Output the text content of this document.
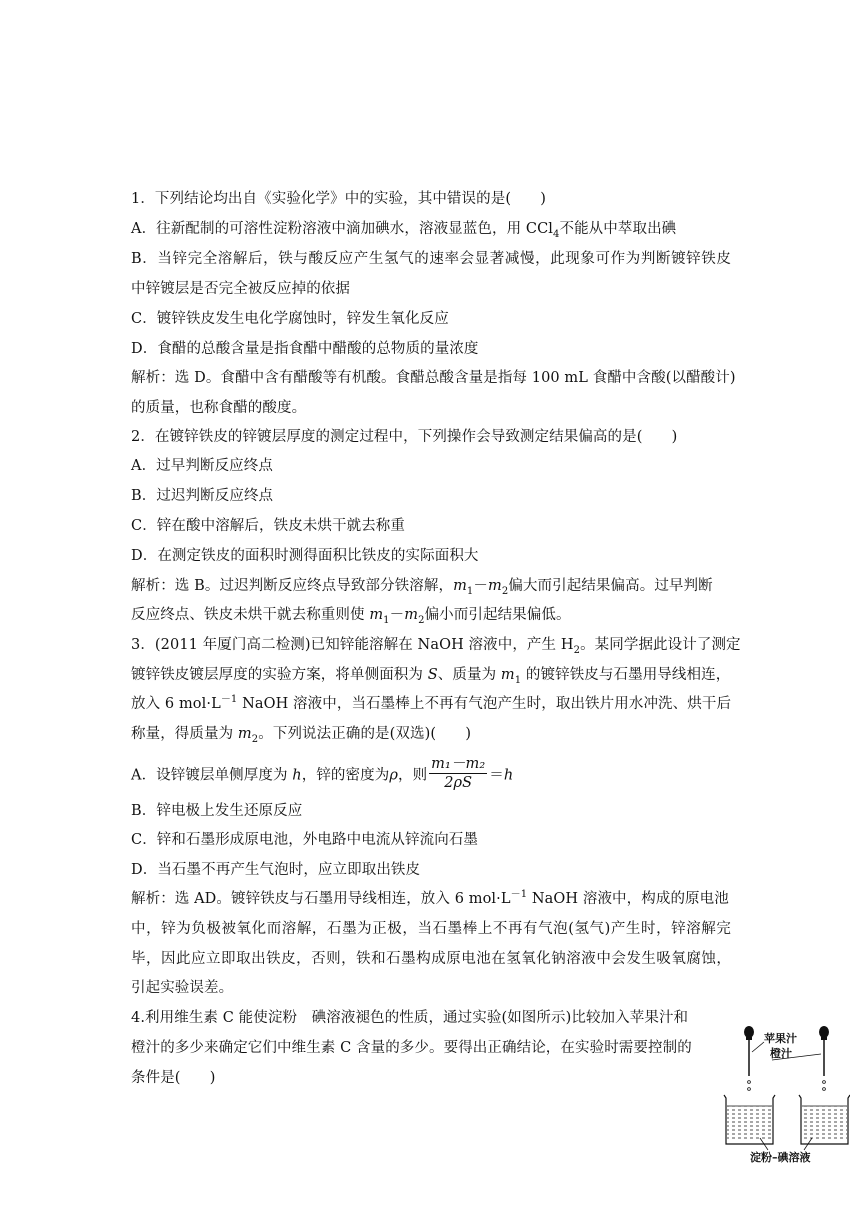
1．下列结论均出自《实验化学》中的实验，其中错误的是(　　)
A．往新配制的可溶性淀粉溶液中滴加碘水，溶液显蓝色，用 CCl$_4$不能从中萃取出碘
B．当锌完全溶解后，铁与酸反应产生氢气的速率会显著减慢，此现象可作为判断镀锌铁皮
中锌镀层是否完全被反应掉的依据
C．镀锌铁皮发生电化学腐蚀时，锌发生氧化反应
D．食醋的总酸含量是指食醋中醋酸的总物质的量浓度
解析：选 D。食醋中含有醋酸等有机酸。食醋总酸含量是指每 100 mL 食醋中含酸(以醋酸计)
的质量，也称食醋的酸度。
2．在镀锌铁皮的锌镀层厚度的测定过程中，下列操作会导致测定结果偏高的是(　　)
A．过早判断反应终点
B．过迟判断反应终点
C．锌在酸中溶解后，铁皮未烘干就去称重
D．在测定铁皮的面积时测得面积比铁皮的实际面积大
解析：选 B。过迟判断反应终点导致部分铁溶解，$m_1-m_2$偏大而引起结果偏高。过早判断
反应终点、铁皮未烘干就去称重则使 $m_1-m_2$偏小而引起结果偏低。
3．(2011 年厦门高二检测)已知锌能溶解在 NaOH 溶液中，产生 $H_2$。某同学据此设计了测定
镀锌铁皮镀层厚度的实验方案，将单侧面积为 S、质量为 $m_1$ 的镀锌铁皮与石墨用导线相连，
放入 6 $mol\cdot L^{-1}$ NaOH 溶液中，当石墨棒上不再有气泡产生时，取出铁片用水冲洗、烘干后
称量，得质量为 $m_2$。下列说法正确的是(双选)(　　)
A．设锌镀层单侧厚度为 h，锌的密度为ρ，则 $\frac{\text{m₁－m₂}}{2\rho S} =h$
B．锌电极上发生还原反应
C．锌和石墨形成原电池，外电路中电流从锌流向石墨
D．当石墨不再产生气泡时，应立即取出铁皮
解析：选 AD。镀锌铁皮与石墨用导线相连，放入 6 $mol\cdot L^{-1}$ NaOH 溶液中，构成的原电池
中，锌为负极被氧化而溶解，石墨为正极，当石墨棒上不再有气泡(氢气)产生时，锌溶解完
毕，因此应立即取出铁皮，否则，铁和石墨构成原电池在氢氧化钠溶液中会发生吸氧腐蚀，
引起实验误差。
4.利用维生素 C 能使淀粉　碘溶液褪色的性质，通过实验(如图所示)比较加入苹果汁和
橙汁的多少来确定它们中维生素 C 含量的多少。要得出正确结论，在实验时需要控制的
条件是(　　)
苹果汁
橙汁
淀粉–碘溶液
